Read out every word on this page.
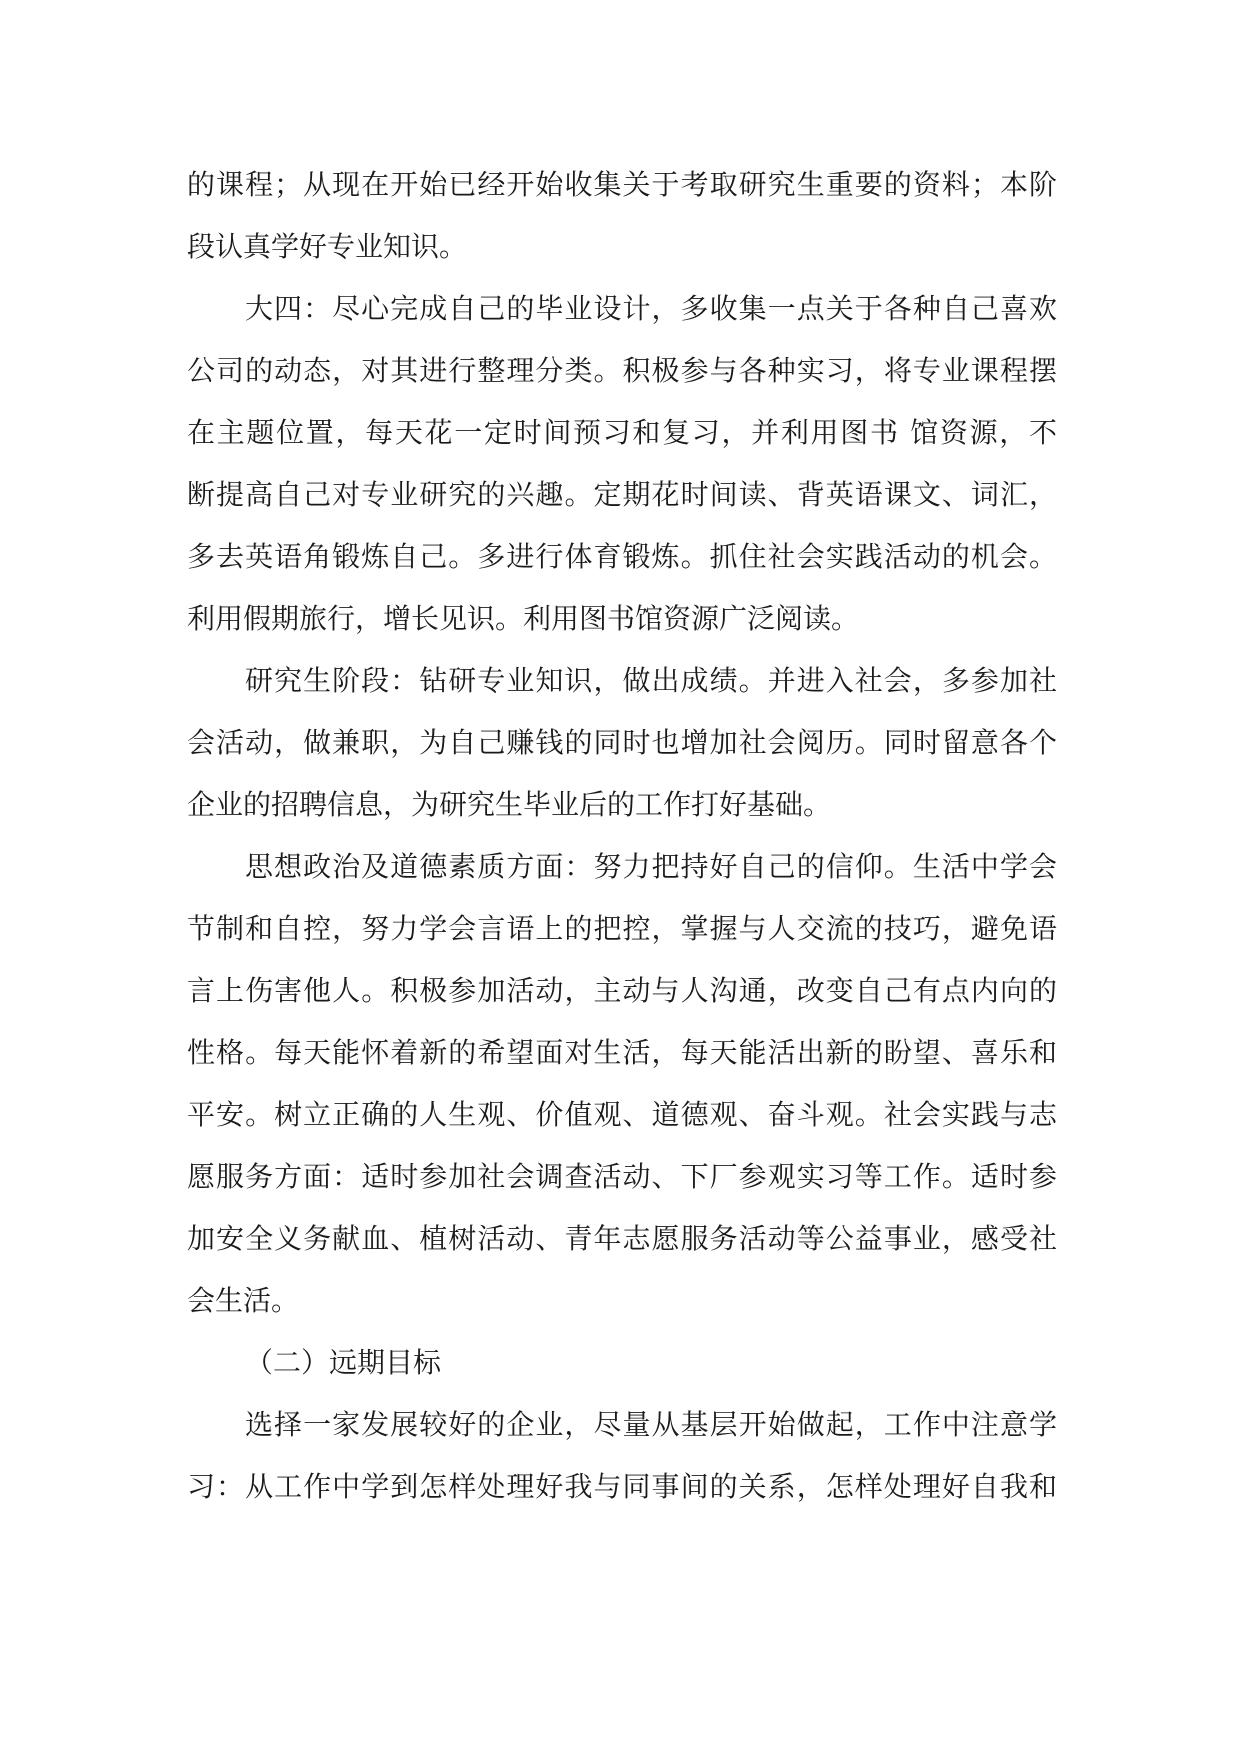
的课程；从现在开始已经开始收集关于考取研究生重要的资料；本阶
段认真学好专业知识。
大四：尽心完成自己的毕业设计，多收集一点关于各种自己喜欢
公司的动态，对其进行整理分类。积极参与各种实习，将专业课程摆
在主题位置，每天花一定时间预习和复习，并利用图书 馆资源，不
断提高自己对专业研究的兴趣。定期花时间读、背英语课文、词汇，
多去英语角锻炼自己。多进行体育锻炼。抓住社会实践活动的机会。
利用假期旅行，增长见识。利用图书馆资源广泛阅读。
研究生阶段：钻研专业知识，做出成绩。并进入社会，多参加社
会活动，做兼职，为自己赚钱的同时也增加社会阅历。同时留意各个
企业的招聘信息，为研究生毕业后的工作打好基础。
思想政治及道德素质方面：努力把持好自己的信仰。生活中学会
节制和自控，努力学会言语上的把控，掌握与人交流的技巧，避免语
言上伤害他人。积极参加活动，主动与人沟通，改变自己有点内向的
性格。每天能怀着新的希望面对生活，每天能活出新的盼望、喜乐和
平安。树立正确的人生观、价值观、道德观、奋斗观。社会实践与志
愿服务方面：适时参加社会调查活动、下厂参观实习等工作。适时参
加安全义务献血、植树活动、青年志愿服务活动等公益事业，感受社
会生活。
（二）远期目标
选择一家发展较好的企业，尽量从基层开始做起，工作中注意学
习：从工作中学到怎样处理好我与同事间的关系，怎样处理好自我和
